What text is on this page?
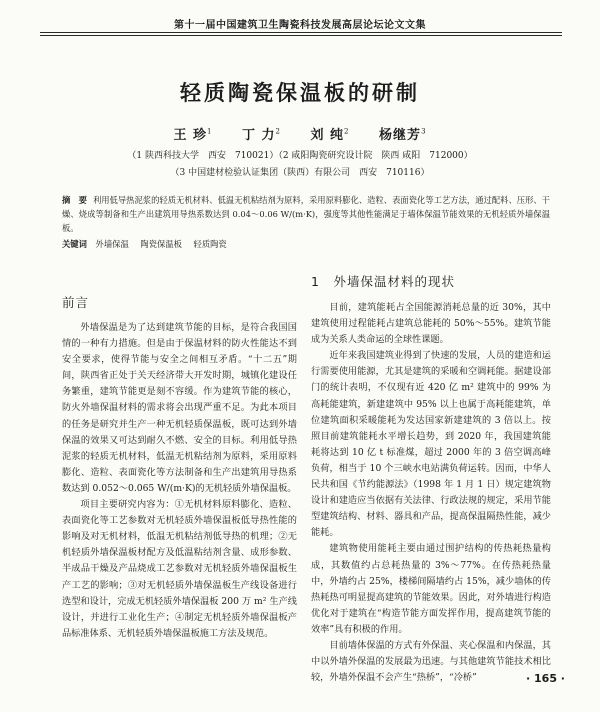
第十一届中国建筑卫生陶瓷科技发展高层论坛论文文集
轻质陶瓷保温板的研制
王 珍$^1$ 丁 力$^2$ 刘 纯$^2$ 杨继芳$^3$
（1 陕西科技大学　西安　710021）（2 咸阳陶瓷研究设计院　陕西 咸阳　712000）
（3 中国建材检验认证集团（陕西）有限公司　西安　710116）
摘　要 利用低导热泥浆的轻质无机材料、低温无机粘结剂为原料，采用原料膨化、造粒、表面瓷化等工艺方法，通过配料、压形、干燥、烧成等制备和生产出建筑用导热系数达到 0.04～0.06 W/(m·K)，强度等其他性能满足于墙体保温节能效果的无机轻质外墙保温板。
关键词 外墙保温 陶瓷保温板 轻质陶瓷
前言

外墙保温是为了达到建筑节能的目标，是符合我国国情的一种有力措施。但是由于保温材料的防火性能达不到安全要求，使得节能与安全之间相互矛盾。“十二五”期间，陕西省正处于关天经济带大开发时期，城镇化建设任务繁重，建筑节能更是刻不容缓。作为建筑节能的核心，防火外墙保温材料的需求将会出现严重不足。为此本项目的任务是研究并生产一种无机轻质保温板，既可达到外墙保温的效果又可达到耐久不燃、安全的目标。利用低导热泥浆的轻质无机材料，低温无机粘结剂为原料，采用原料膨化、造粒、表面瓷化等方法制备和生产出建筑用导热系数达到 0.052～0.065 W/(m·K)的无机轻质外墙保温板。

项目主要研究内容为：①无机材料原料膨化、造粒、表面瓷化等工艺参数对无机轻质外墙保温板低导热性能的影响及对无机材料，低温无机粘结剂低导热的机理；②无机轻质外墙保温板材配方及低温粘结剂含量、成形参数、半成品干燥及产品烧成工艺参数对无机轻质外墙保温板生产工艺的影响；③对无机轻质外墙保温板生产线设备进行选型和设计，完成无机轻质外墙保温板 200 万 m² 生产线设计，并进行工业化生产；④制定无机轻质外墙保温板产品标准体系、无机轻质外墙保温板施工方法及规范。

1　外墙保温材料的现状

目前，建筑能耗占全国能源消耗总量的近 30%，其中建筑使用过程能耗占建筑总能耗的 50%～55%。建筑节能成为关系人类命运的全球性课题。

近年来我国建筑业得到了快速的发展，人员的建造和运行需要使用能源，尤其是建筑的采暖和空调耗能。据建设部门的统计表明，不仅现有近 420 亿 m² 建筑中的 99% 为高耗能建筑，新建建筑中 95% 以上也属于高耗能建筑，单位建筑面积采暖能耗为发达国家新建建筑的 3 倍以上。按照目前建筑能耗水平增长趋势，到 2020 年，我国建筑能耗将达到 10 亿 t 标准煤，超过 2000 年的 3 倍空调高峰负荷，相当于 10 个三峡水电站满负荷运转。因而，中华人民共和国《节约能源法》（1998 年 1 月 1 日）规定建筑物设计和建造应当依据有关法律、行政法规的规定，采用节能型建筑结构、材料、器具和产品，提高保温隔热性能，减少能耗。

建筑物使用能耗主要由通过围护结构的传热耗热量构成，其数值约占总耗热量的 3%～77%。在传热耗热量中，外墙约占 25%，楼梯间隔墙约占 15%，减少墙体的传热耗热可明显提高建筑的节能效果。因此，对外墙进行构造优化对于建筑在“构造节能方面发挥作用，提高建筑节能的效率”具有积极的作用。

目前墙体保温的方式有外保温、夹心保温和内保温，其中以外墙外保温的发展最为迅速。与其他建筑节能技术相比较，外墙外保温不会产生“热桥”，“冷桥”	· 165 ·
